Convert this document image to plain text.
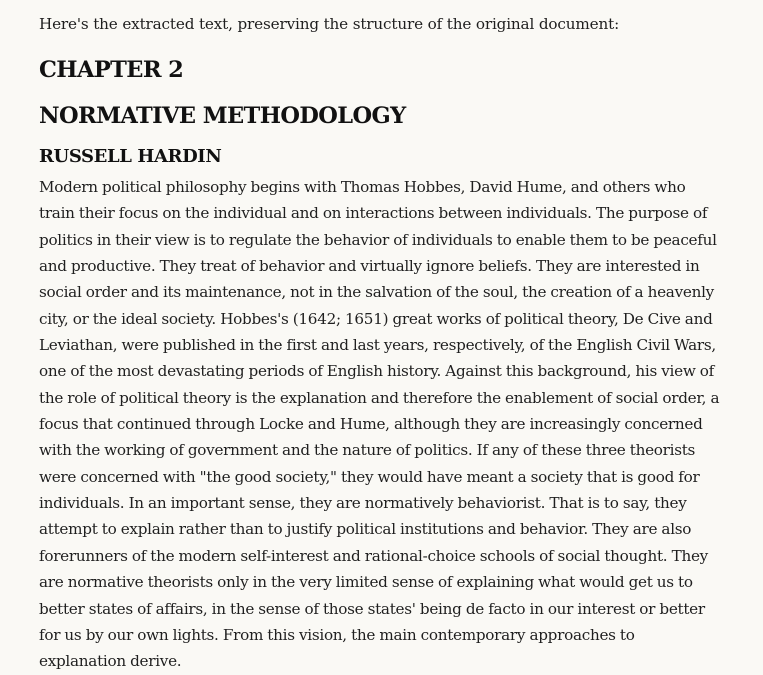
Here's the extracted text, preserving the structure of the original document:

CHAPTER 2
NORMATIVE METHODOLOGY
RUSSELL HARDIN

Modern political philosophy begins with Thomas Hobbes, David Hume, and others who train their focus on the individual and on interactions between individuals. The purpose of politics in their view is to regulate the behavior of individuals to enable them to be peaceful and productive. They treat of behavior and virtually ignore beliefs. They are interested in social order and its maintenance, not in the salvation of the soul, the creation of a heavenly city, or the ideal society. Hobbes's (1642; 1651) great works of political theory, De Cive and Leviathan, were published in the first and last years, respectively, of the English Civil Wars, one of the most devastating periods of English history. Against this background, his view of the role of political theory is the explanation and therefore the enablement of social order, a focus that continued through Locke and Hume, although they are increasingly concerned with the working of government and the nature of politics. If any of these three theorists were concerned with "the good society," they would have meant a society that is good for individuals. In an important sense, they are normatively behaviorist. That is to say, they attempt to explain rather than to justify political institutions and behavior. They are also forerunners of the modern self-interest and rational-choice schools of social thought. They are normative theorists only in the very limited sense of explaining what would get us to better states of affairs, in the sense of those states' being de facto in our interest or better for us by our own lights. From this vision, the main contemporary approaches to explanation derive.
